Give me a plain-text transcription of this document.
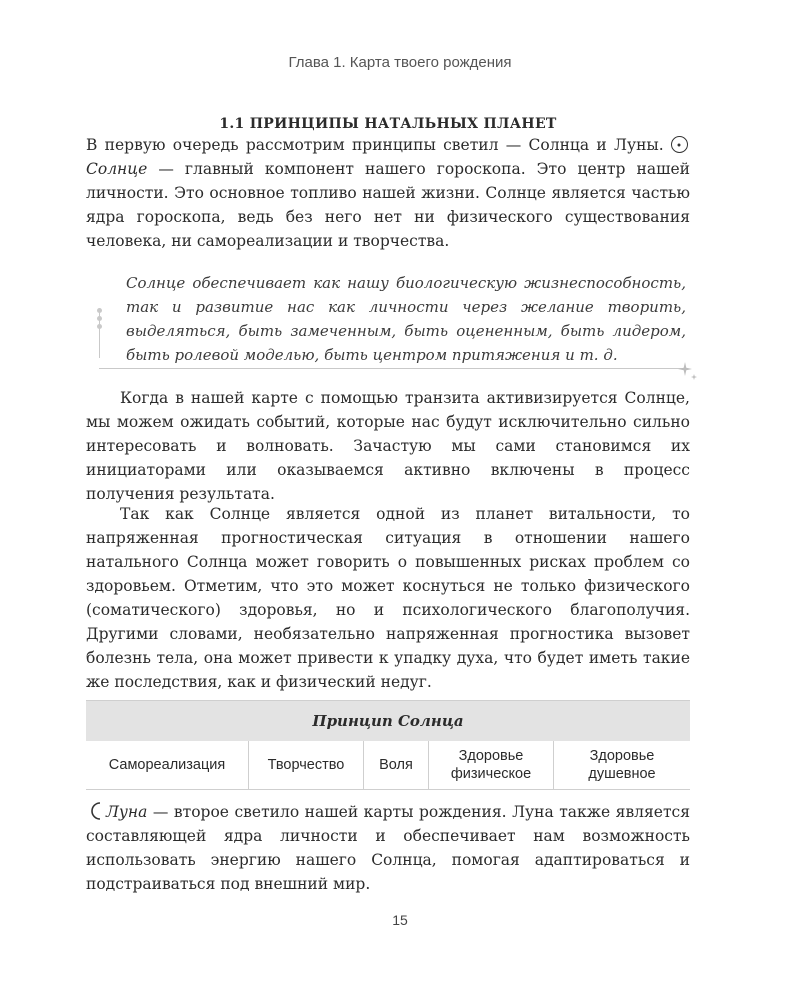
Глава 1. Карта твоего рождения
1.1 ПРИНЦИПЫ НАТАЛЬНЫХ ПЛАНЕТ

В первую очередь рассмотрим принципы светил — Солнца и Луны. Солнце — главный компонент нашего гороскопа. Это центр нашей личности. Это основное топливо нашей жизни. Солнце является частью ядра гороскопа, ведь без него нет ни физического существования человека, ни самореализации и творчества.

Солнце обеспечивает как нашу биологическую жизнеспособность, так и развитие нас как личности через желание творить, выделяться, быть замеченным, быть оцененным, быть лидером, быть ролевой моделью, быть центром притяжения и т. д.

Когда в нашей карте с помощью транзита активизируется Солнце, мы можем ожидать событий, которые нас будут исключительно сильно интересовать и волновать. Зачастую мы сами становимся их инициаторами или оказываемся активно включены в процесс получения результата.

Так как Солнце является одной из планет витальности, то напряженная прогностическая ситуация в отношении нашего натального Солнца может говорить о повышенных рисках проблем со здоровьем. Отметим, что это может коснуться не только физического (соматического) здоровья, но и психологического благополучия. Другими словами, необязательно напряженная прогностика вызовет болезнь тела, она может привести к упадку духа, что будет иметь такие же последствия, как и физический недуг.

Принцип Солнца
Самореализация	Творчество	Воля	Здоровье физическое	Здоровье душевное

Луна — второе светило нашей карты рождения. Луна также является составляющей ядра личности и обеспечивает нам возможность использовать энергию нашего Солнца, помогая адаптироваться и подстраиваться под внешний мир.

15
